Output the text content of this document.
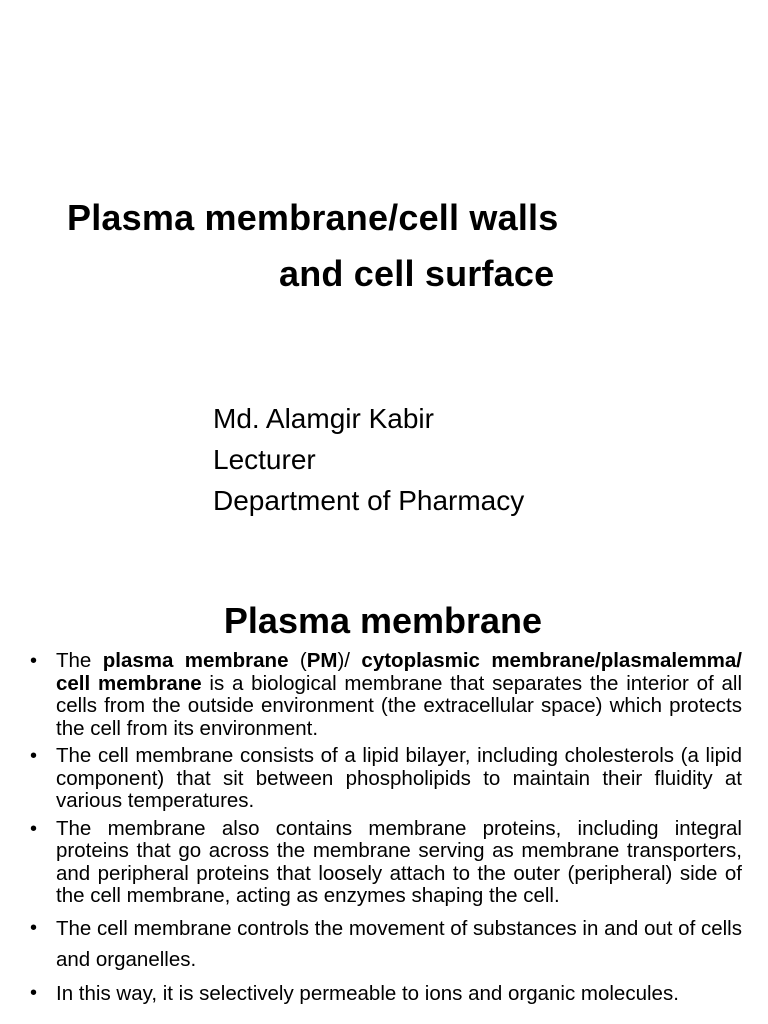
Plasma membrane/cell walls
and cell surface
Md. Alamgir Kabir
Lecturer
Department of Pharmacy
Plasma membrane
• The plasma membrane (PM)/ cytoplasmic membrane/plasmalemma/ cell membrane is a biological membrane that separates the interior of all cells from the outside environment (the extracellular space) which protects the cell from its environment.
• The cell membrane consists of a lipid bilayer, including cholesterols (a lipid component) that sit between phospholipids to maintain their fluidity at various temperatures.
• The membrane also contains membrane proteins, including integral proteins that go across the membrane serving as membrane transporters, and peripheral proteins that loosely attach to the outer (peripheral) side of the cell membrane, acting as enzymes shaping the cell.
• The cell membrane controls the movement of substances in and out of cells and organelles.
• In this way, it is selectively permeable to ions and organic molecules.
